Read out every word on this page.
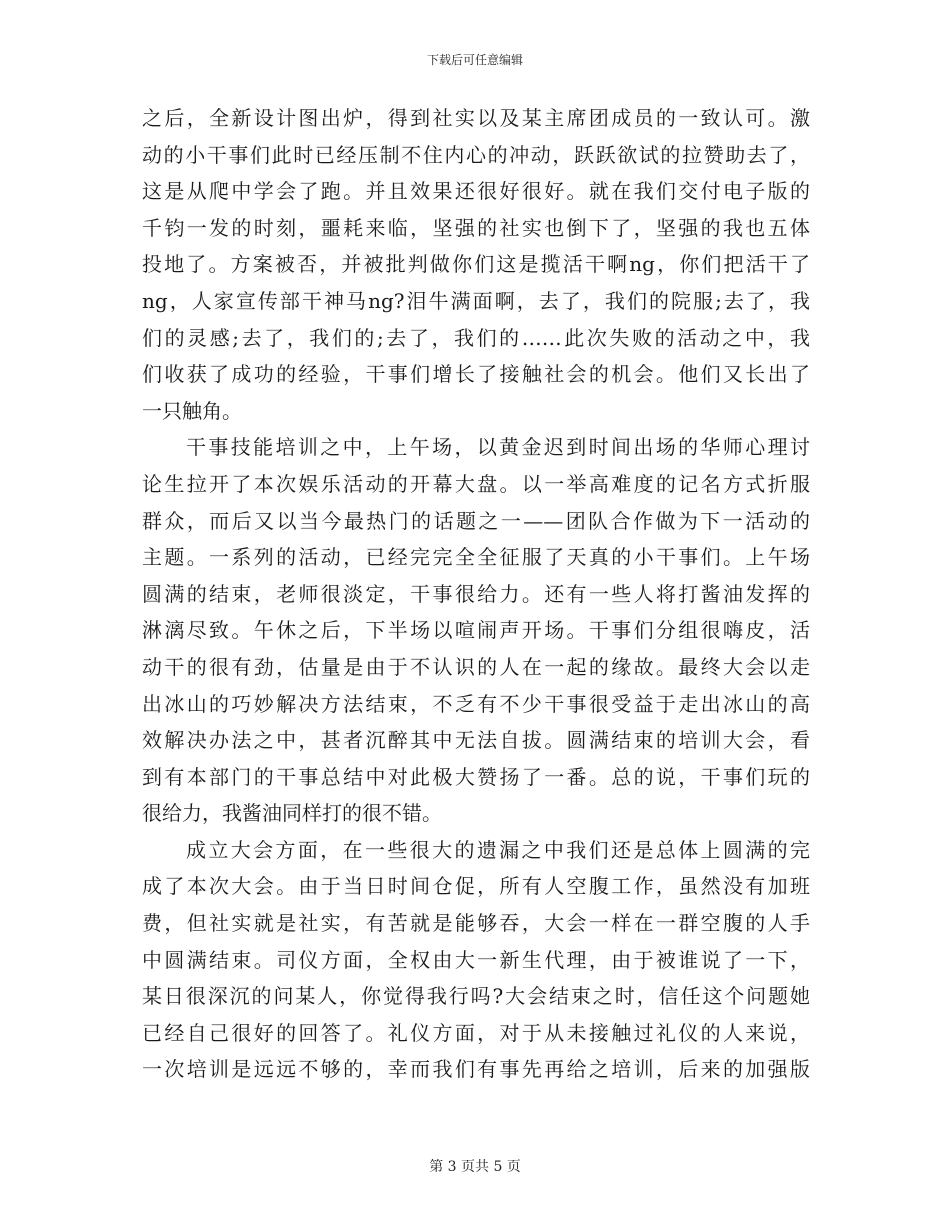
下载后可任意编辑
之后，全新设计图出炉，得到社实以及某主席团成员的一致认可。激
动的小干事们此时已经压制不住内心的冲动，跃跃欲试的拉赞助去了，
这是从爬中学会了跑。并且效果还很好很好。就在我们交付电子版的
千钧一发的时刻，噩耗来临，坚强的社实也倒下了，坚强的我也五体
投地了。方案被否，并被批判做你们这是揽活干啊ng，你们把活干了
ng，人家宣传部干神马ng?泪牛满面啊，去了，我们的院服;去了，我
们的灵感;去了，我们的;去了，我们的……此次失败的活动之中，我
们收获了成功的经验，干事们增长了接触社会的机会。他们又长出了
一只触角。
干事技能培训之中，上午场，以黄金迟到时间出场的华师心理讨
论生拉开了本次娱乐活动的开幕大盘。以一举高难度的记名方式折服
群众，而后又以当今最热门的话题之一——团队合作做为下一活动的
主题。一系列的活动，已经完完全全征服了天真的小干事们。上午场
圆满的结束，老师很淡定，干事很给力。还有一些人将打酱油发挥的
淋漓尽致。午休之后，下半场以喧闹声开场。干事们分组很嗨皮，活
动干的很有劲，估量是由于不认识的人在一起的缘故。最终大会以走
出冰山的巧妙解决方法结束，不乏有不少干事很受益于走出冰山的高
效解决办法之中，甚者沉醉其中无法自拔。圆满结束的培训大会，看
到有本部门的干事总结中对此极大赞扬了一番。总的说，干事们玩的
很给力，我酱油同样打的很不错。
成立大会方面，在一些很大的遗漏之中我们还是总体上圆满的完
成了本次大会。由于当日时间仓促，所有人空腹工作，虽然没有加班
费，但社实就是社实，有苦就是能够吞，大会一样在一群空腹的人手
中圆满结束。司仪方面，全权由大一新生代理，由于被谁说了一下，
某日很深沉的问某人，你觉得我行吗?大会结束之时，信任这个问题她
已经自己很好的回答了。礼仪方面，对于从未接触过礼仪的人来说，
一次培训是远远不够的，幸而我们有事先再给之培训，后来的加强版
第 3 页共 5 页
